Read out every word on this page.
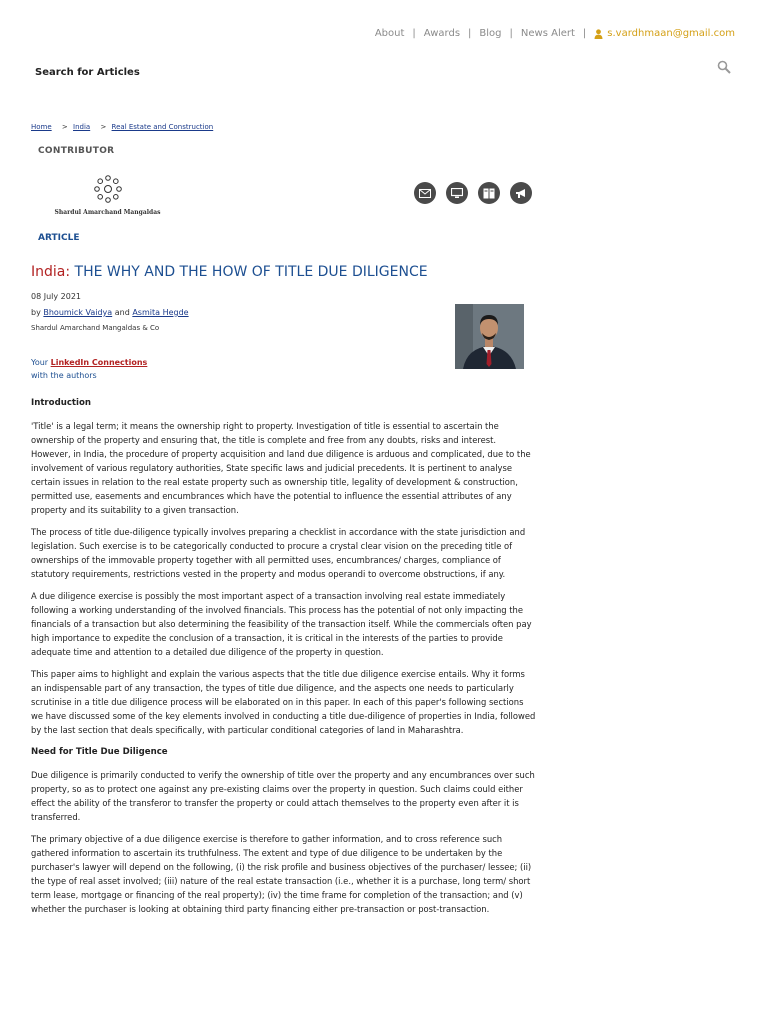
About | Awards | Blog | News Alert | s.vardhmaan@gmail.com
Search for Articles
Home > India > Real Estate and Construction
CONTRIBUTOR
Shardul Amarchand Mangaldas
ARTICLE
India: THE WHY AND THE HOW OF TITLE DUE DILIGENCE
08 July 2021
by Bhoumick Vaidya and Asmita Hegde
Shardul Amarchand Mangaldas & Co
Your LinkedIn Connections
with the authors
Introduction

'Title' is a legal term; it means the ownership right to property. Investigation of title is essential to ascertain the ownership of the property and ensuring that, the title is complete and free from any doubts, risks and interest. However, in India, the procedure of property acquisition and land due diligence is arduous and complicated, due to the involvement of various regulatory authorities, State specific laws and judicial precedents. It is pertinent to analyse certain issues in relation to the real estate property such as ownership title, legality of development & construction, permitted use, easements and encumbrances which have the potential to influence the essential attributes of any property and its suitability to a given transaction.

The process of title due-diligence typically involves preparing a checklist in accordance with the state jurisdiction and legislation. Such exercise is to be categorically conducted to procure a crystal clear vision on the preceding title of ownerships of the immovable property together with all permitted uses, encumbrances/ charges, compliance of statutory requirements, restrictions vested in the property and modus operandi to overcome obstructions, if any.

A due diligence exercise is possibly the most important aspect of a transaction involving real estate immediately following a working understanding of the involved financials. This process has the potential of not only impacting the financials of a transaction but also determining the feasibility of the transaction itself. While the commercials often pay high importance to expedite the conclusion of a transaction, it is critical in the interests of the parties to provide adequate time and attention to a detailed due diligence of the property in question.

This paper aims to highlight and explain the various aspects that the title due diligence exercise entails. Why it forms an indispensable part of any transaction, the types of title due diligence, and the aspects one needs to particularly scrutinise in a title due diligence process will be elaborated on in this paper. In each of this paper's following sections we have discussed some of the key elements involved in conducting a title due-diligence of properties in India, followed by the last section that deals specifically, with particular conditional categories of land in Maharashtra.

Need for Title Due Diligence

Due diligence is primarily conducted to verify the ownership of title over the property and any encumbrances over such property, so as to protect one against any pre-existing claims over the property in question. Such claims could either effect the ability of the transferor to transfer the property or could attach themselves to the property even after it is transferred.

The primary objective of a due diligence exercise is therefore to gather information, and to cross reference such gathered information to ascertain its truthfulness. The extent and type of due diligence to be undertaken by the purchaser's lawyer will depend on the following, (i) the risk profile and business objectives of the purchaser/ lessee; (ii) the type of real asset involved; (iii) nature of the real estate transaction (i.e., whether it is a purchase, long term/ short term lease, mortgage or financing of the real property); (iv) the time frame for completion of the transaction; and (v) whether the purchaser is looking at obtaining third party financing either pre-transaction or post-transaction.
